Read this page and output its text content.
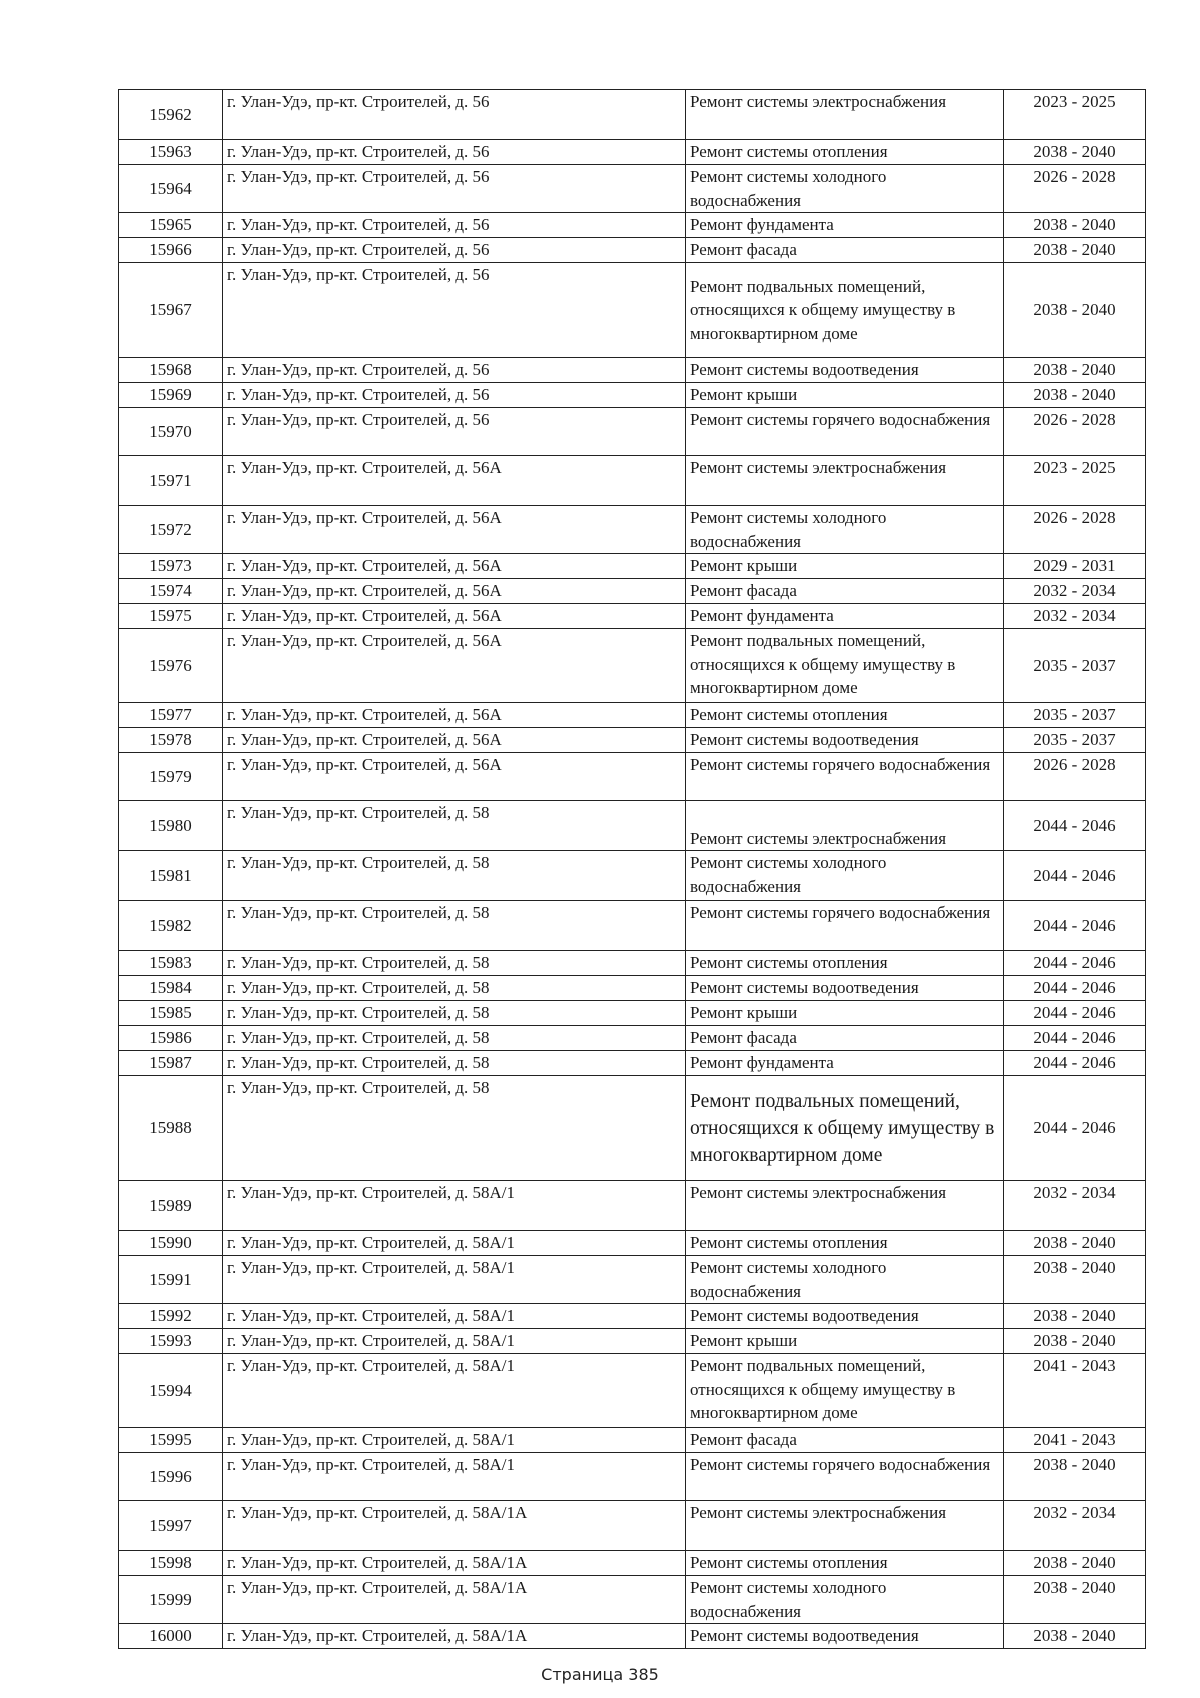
15962	г. Улан-Удэ, пр-кт. Строителей, д. 56	Ремонт системы электроснабжения	2023 - 2025
15963	г. Улан-Удэ, пр-кт. Строителей, д. 56	Ремонт системы отопления	2038 - 2040
15964	г. Улан-Удэ, пр-кт. Строителей, д. 56	Ремонт системы холодного водоснабжения	2026 - 2028
15965	г. Улан-Удэ, пр-кт. Строителей, д. 56	Ремонт фундамента	2038 - 2040
15966	г. Улан-Удэ, пр-кт. Строителей, д. 56	Ремонт фасада	2038 - 2040
15967	г. Улан-Удэ, пр-кт. Строителей, д. 56	Ремонт подвальных помещений, относящихся к общему имуществу в многоквартирном доме	2038 - 2040
15968	г. Улан-Удэ, пр-кт. Строителей, д. 56	Ремонт системы водоотведения	2038 - 2040
15969	г. Улан-Удэ, пр-кт. Строителей, д. 56	Ремонт крыши	2038 - 2040
15970	г. Улан-Удэ, пр-кт. Строителей, д. 56	Ремонт системы горячего водоснабжения	2026 - 2028
15971	г. Улан-Удэ, пр-кт. Строителей, д. 56А	Ремонт системы электроснабжения	2023 - 2025
15972	г. Улан-Удэ, пр-кт. Строителей, д. 56А	Ремонт системы холодного водоснабжения	2026 - 2028
15973	г. Улан-Удэ, пр-кт. Строителей, д. 56А	Ремонт крыши	2029 - 2031
15974	г. Улан-Удэ, пр-кт. Строителей, д. 56А	Ремонт фасада	2032 - 2034
15975	г. Улан-Удэ, пр-кт. Строителей, д. 56А	Ремонт фундамента	2032 - 2034
15976	г. Улан-Удэ, пр-кт. Строителей, д. 56А	Ремонт подвальных помещений, относящихся к общему имуществу в многоквартирном доме	2035 - 2037
15977	г. Улан-Удэ, пр-кт. Строителей, д. 56А	Ремонт системы отопления	2035 - 2037
15978	г. Улан-Удэ, пр-кт. Строителей, д. 56А	Ремонт системы водоотведения	2035 - 2037
15979	г. Улан-Удэ, пр-кт. Строителей, д. 56А	Ремонт системы горячего водоснабжения	2026 - 2028
15980	г. Улан-Удэ, пр-кт. Строителей, д. 58	Ремонт системы электроснабжения	2044 - 2046
15981	г. Улан-Удэ, пр-кт. Строителей, д. 58	Ремонт системы холодного водоснабжения	2044 - 2046
15982	г. Улан-Удэ, пр-кт. Строителей, д. 58	Ремонт системы горячего водоснабжения	2044 - 2046
15983	г. Улан-Удэ, пр-кт. Строителей, д. 58	Ремонт системы отопления	2044 - 2046
15984	г. Улан-Удэ, пр-кт. Строителей, д. 58	Ремонт системы водоотведения	2044 - 2046
15985	г. Улан-Удэ, пр-кт. Строителей, д. 58	Ремонт крыши	2044 - 2046
15986	г. Улан-Удэ, пр-кт. Строителей, д. 58	Ремонт фасада	2044 - 2046
15987	г. Улан-Удэ, пр-кт. Строителей, д. 58	Ремонт фундамента	2044 - 2046
15988	г. Улан-Удэ, пр-кт. Строителей, д. 58	Ремонт подвальных помещений, относящихся к общему имуществу в многоквартирном доме	2044 - 2046
15989	г. Улан-Удэ, пр-кт. Строителей, д. 58А/1	Ремонт системы электроснабжения	2032 - 2034
15990	г. Улан-Удэ, пр-кт. Строителей, д. 58А/1	Ремонт системы отопления	2038 - 2040
15991	г. Улан-Удэ, пр-кт. Строителей, д. 58А/1	Ремонт системы холодного водоснабжения	2038 - 2040
15992	г. Улан-Удэ, пр-кт. Строителей, д. 58А/1	Ремонт системы водоотведения	2038 - 2040
15993	г. Улан-Удэ, пр-кт. Строителей, д. 58А/1	Ремонт крыши	2038 - 2040
15994	г. Улан-Удэ, пр-кт. Строителей, д. 58А/1	Ремонт подвальных помещений, относящихся к общему имуществу в многоквартирном доме	2041 - 2043
15995	г. Улан-Удэ, пр-кт. Строителей, д. 58А/1	Ремонт фасада	2041 - 2043
15996	г. Улан-Удэ, пр-кт. Строителей, д. 58А/1	Ремонт системы горячего водоснабжения	2038 - 2040
15997	г. Улан-Удэ, пр-кт. Строителей, д. 58А/1А	Ремонт системы электроснабжения	2032 - 2034
15998	г. Улан-Удэ, пр-кт. Строителей, д. 58А/1А	Ремонт системы отопления	2038 - 2040
15999	г. Улан-Удэ, пр-кт. Строителей, д. 58А/1А	Ремонт системы холодного водоснабжения	2038 - 2040
16000	г. Улан-Удэ, пр-кт. Строителей, д. 58А/1А	Ремонт системы водоотведения	2038 - 2040
Страница 385
